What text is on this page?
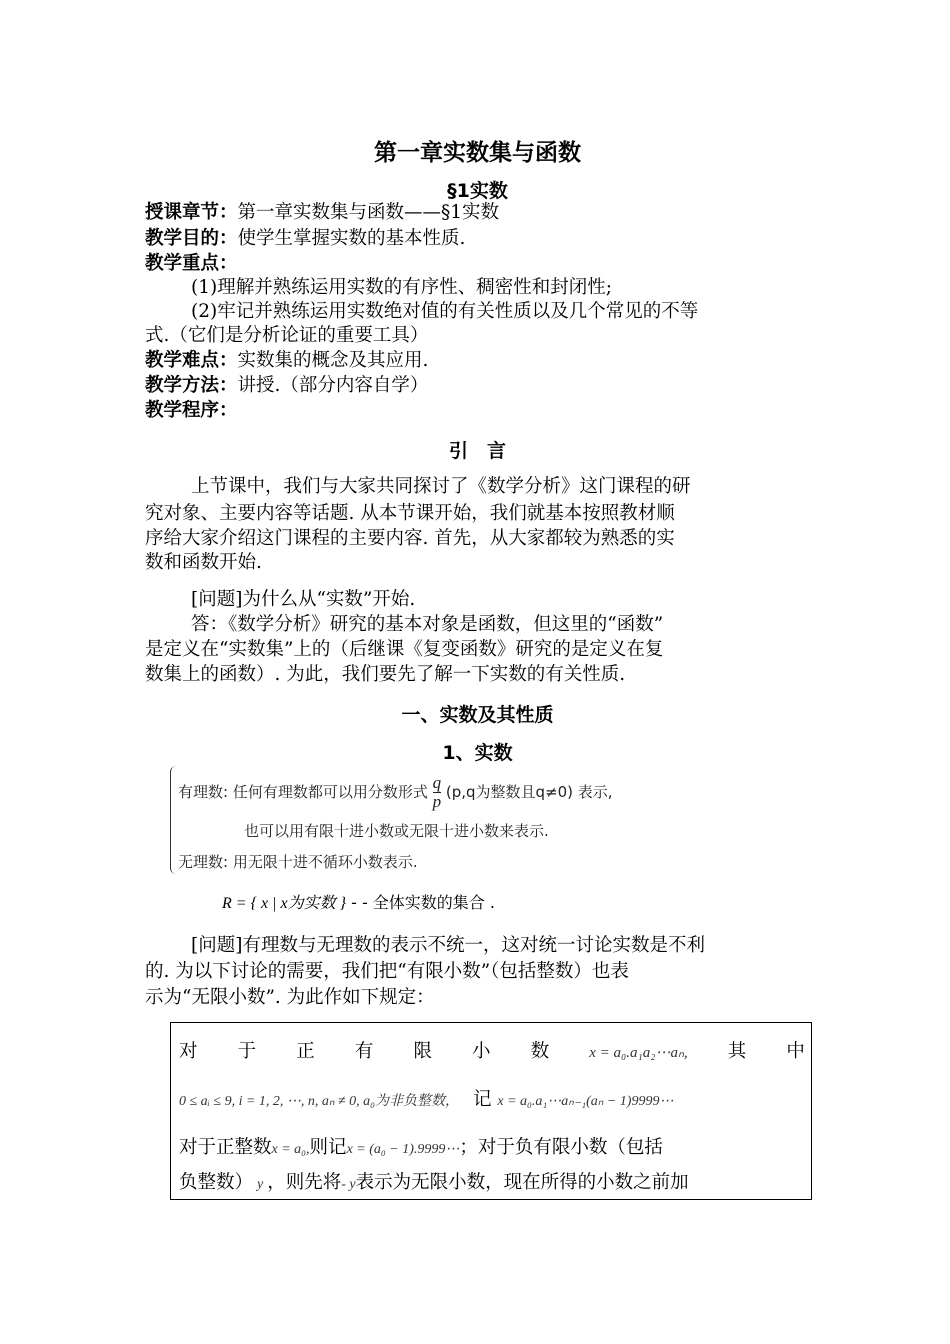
第一章实数集与函数
§1实数
授课章节：第一章实数集与函数——§1实数
教学目的：使学生掌握实数的基本性质.
教学重点：
(1)理解并熟练运用实数的有序性、稠密性和封闭性;
(2)牢记并熟练运用实数绝对值的有关性质以及几个常见的不等
式.（它们是分析论证的重要工具）
教学难点：实数集的概念及其应用.
教学方法：讲授.（部分内容自学）
教学程序：
引　言
上节课中，我们与大家共同探讨了《数学分析》这门课程的研
究对象、主要内容等话题. 从本节课开始，我们就基本按照教材顺
序给大家介绍这门课程的主要内容. 首先，从大家都较为熟悉的实
数和函数开始.
[问题]为什么从“实数”开始.
答：《数学分析》研究的基本对象是函数，但这里的“函数”
是定义在“实数集”上的（后继课《复变函数》研究的是定义在复
数集上的函数）. 为此，我们要先了解一下实数的有关性质.
一、实数及其性质
1、实数
有理数: 任何有理数都可以用分数形式 $\frac{q}{p} (p,q$为整数且q≠0) 表示,
也可以用有限十进小数或无限十进小数来表示.
无理数: 用无限十进不循环小数表示.
R = { x | x为实数 } - - 全体实数的集合 .
[问题]有理数与无理数的表示不统一，这对统一讨论实数是不利
的. 为以下讨论的需要，我们把“有限小数”（包括整数）也表
示为“无限小数”. 为此作如下规定：
对 于 正 有 限 小 数	x = a₀.a₁a₂⋯aₙ, 其 中
0 ≤ aᵢ ≤ 9, i = 1, 2, ⋯, n, aₙ ≠ 0, a₀为非负整数， 记 x = a₀.a₁⋯aₙ₋₁(aₙ − 1)9999⋯
对于正整数x = a₀,则记x = (a₀ − 1).9999⋯；对于负有限小数（包括
负整数） y ，则先将- y表示为无限小数，现在所得的小数之前加
